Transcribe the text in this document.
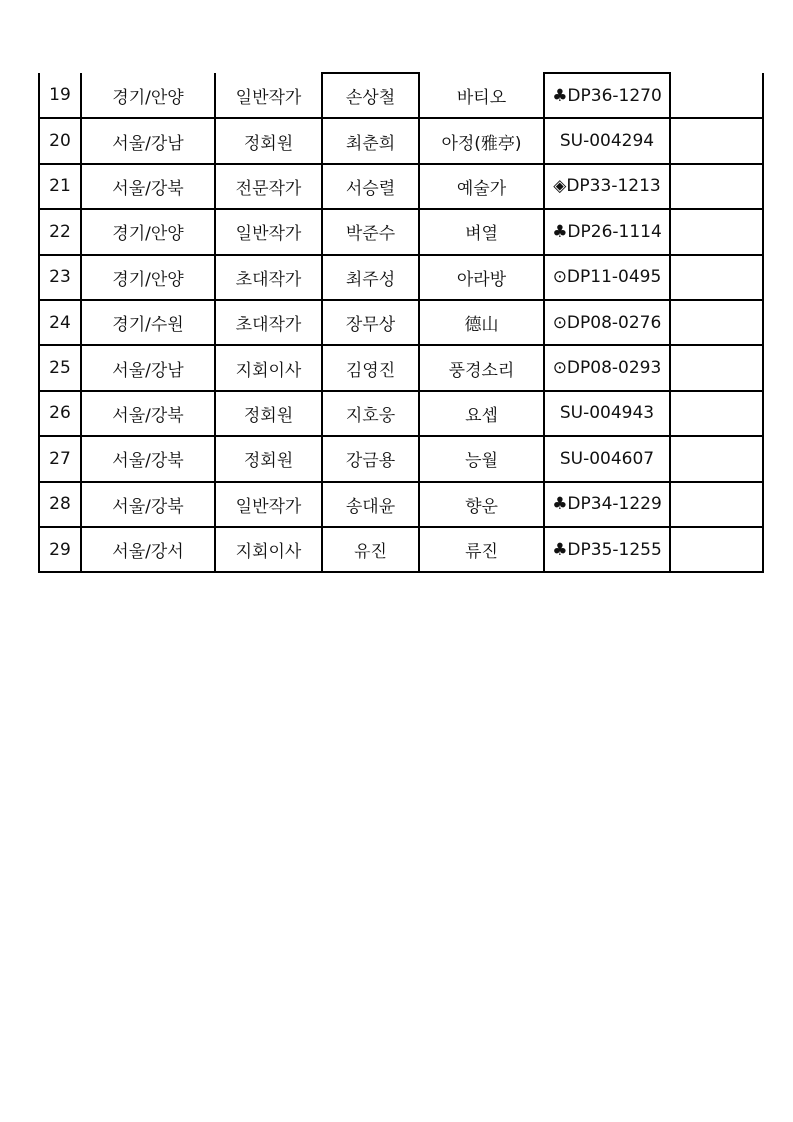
19	경기/안양	일반작가	손상철	바티오	♣DP36-1270	
20	서울/강남	정회원	최춘희	아정(雅亭)	SU-004294	
21	서울/강북	전문작가	서승렬	예술가	◈DP33-1213	
22	경기/안양	일반작가	박준수	벼열	♣DP26-1114	
23	경기/안양	초대작가	최주성	아라방	⊙DP11-0495	
24	경기/수원	초대작가	장무상	德山	⊙DP08-0276	
25	서울/강남	지회이사	김영진	풍경소리	⊙DP08-0293	
26	서울/강북	정회원	지호웅	요셉	SU-004943	
27	서울/강북	정회원	강금용	능월	SU-004607	
28	서울/강북	일반작가	송대윤	향운	♣DP34-1229	
29	서울/강서	지회이사	유진	류진	♣DP35-1255	
